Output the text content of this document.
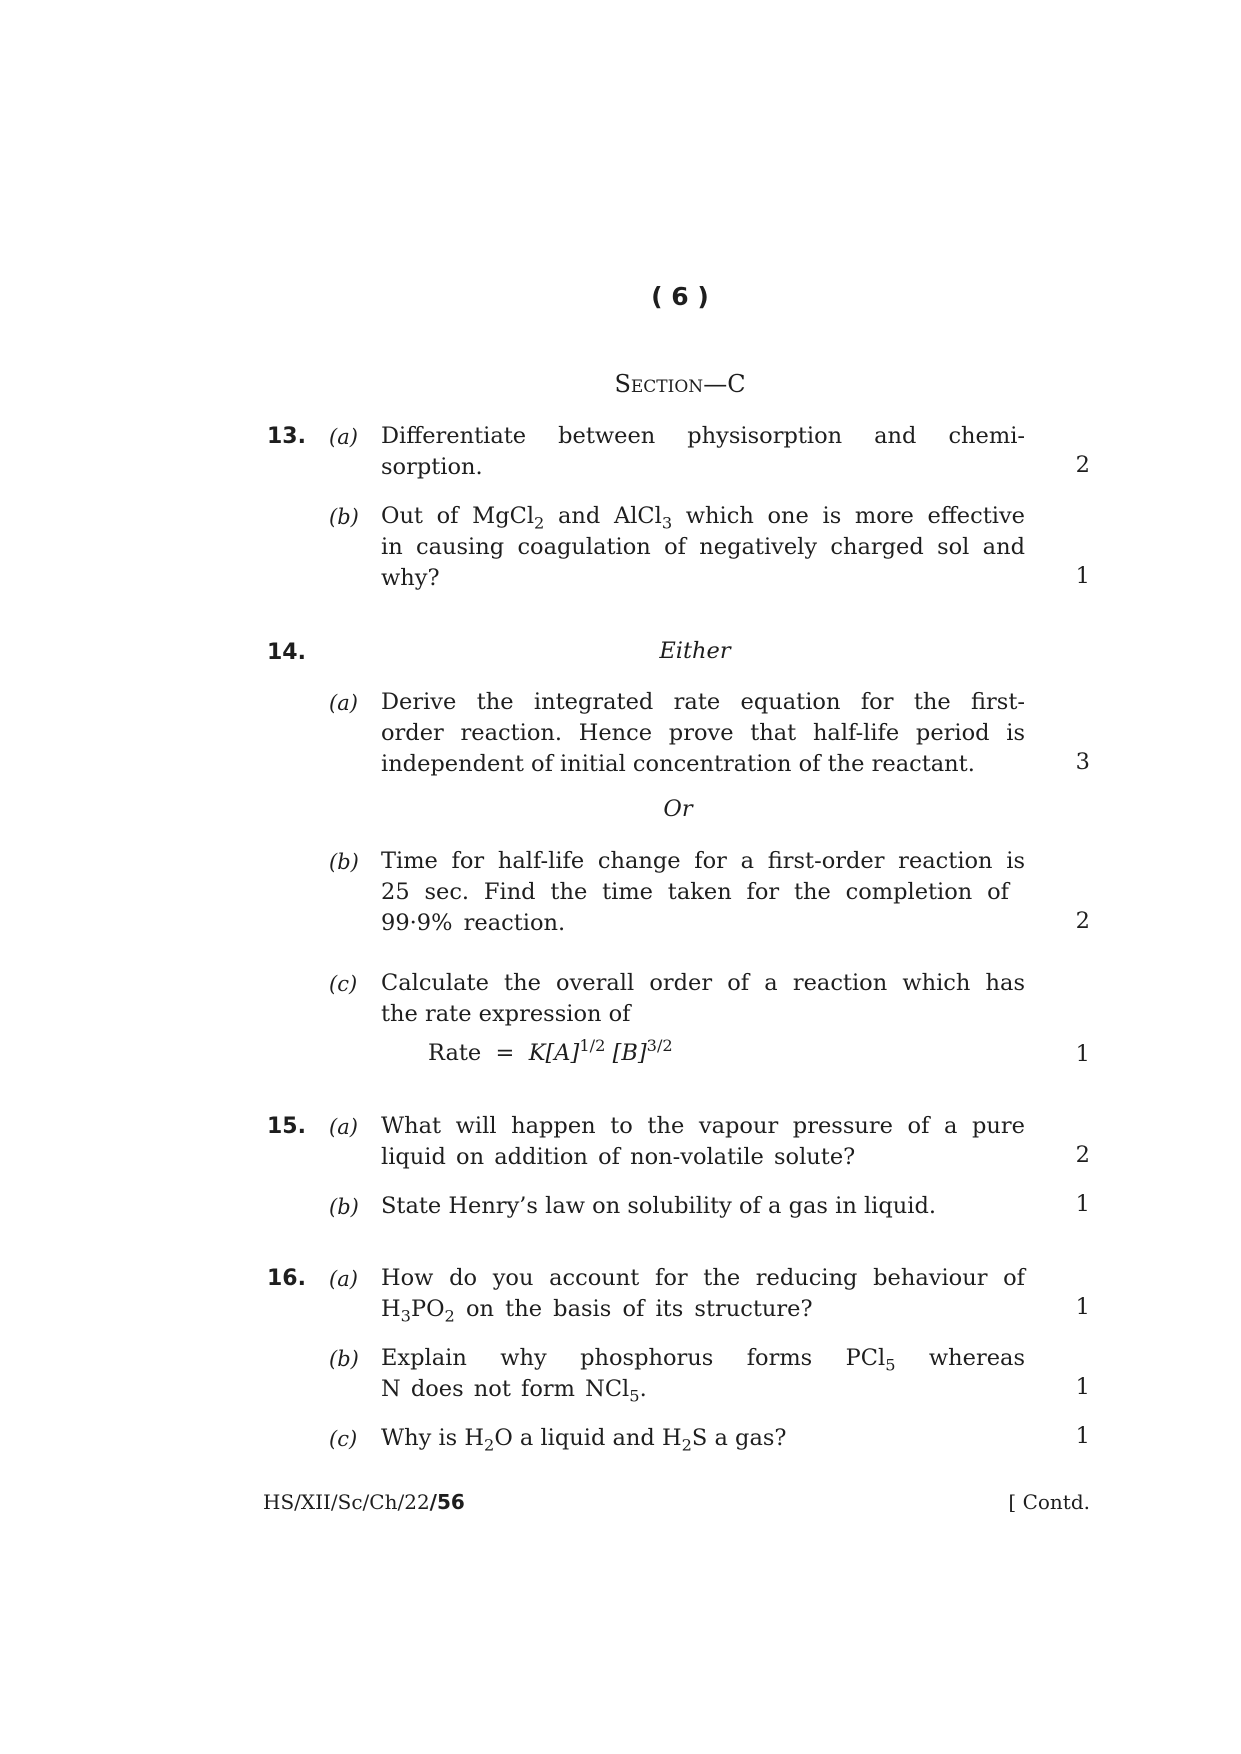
( 6 )
Section—C
13.	(a) Differentiate between physisorption and chemi-
sorption.	2
(b) Out of MgCl$_2$ and AlCl$_3$ which one is more effective
in causing coagulation of negatively charged sol and
why?	1
14.	Either
(a) Derive the integrated rate equation for the first-
order reaction. Hence prove that half-life period is
independent of initial concentration of the reactant.	3
Or
(b) Time for half-life change for a first-order reaction is
25 sec. Find the time taken for the completion of
99·9% reaction.	2
(c) Calculate the overall order of a reaction which has
the rate expression of
Rate = $K[A]^{1/2}$ $[B]^{3/2}$	1
15.	(a) What will happen to the vapour pressure of a pure
liquid on addition of non-volatile solute?	2
(b) State Henry’s law on solubility of a gas in liquid.	1
16.	(a) How do you account for the reducing behaviour of
$H_3PO_2$ on the basis of its structure?	1
(b) Explain why phosphorus forms PCl$_5$ whereas
N does not form NCl$_5$.	1
(c) Why is $H_2O$ a liquid and $H_2S$ a gas?	1
HS/XII/Sc/Ch/22/56	[ Contd.
